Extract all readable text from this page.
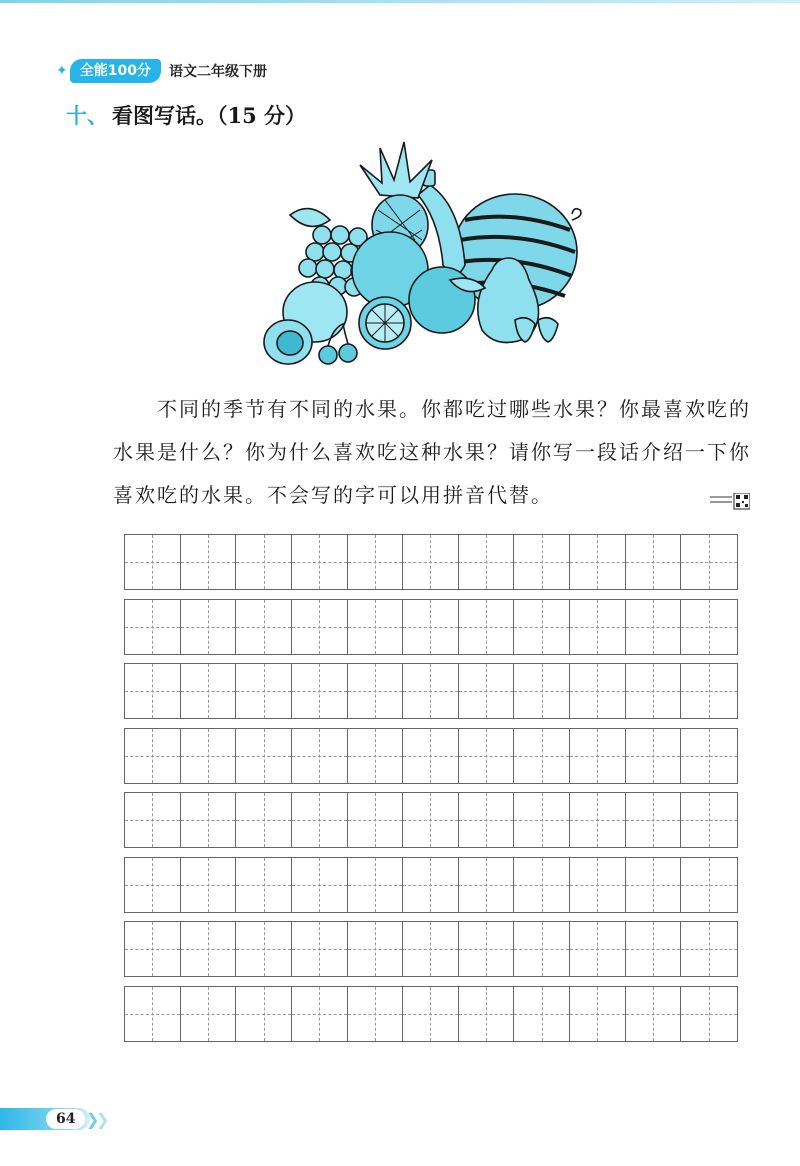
✦ 全能100分	语文二年级下册
十、 看图写话。（15 分）

不同的季节有不同的水果。你都吃过哪些水果？你最喜欢吃的水果是什么？你为什么喜欢吃这种水果？请你写一段话介绍一下你喜欢吃的水果。不会写的字可以用拼音代替。

64 ❯
❯
